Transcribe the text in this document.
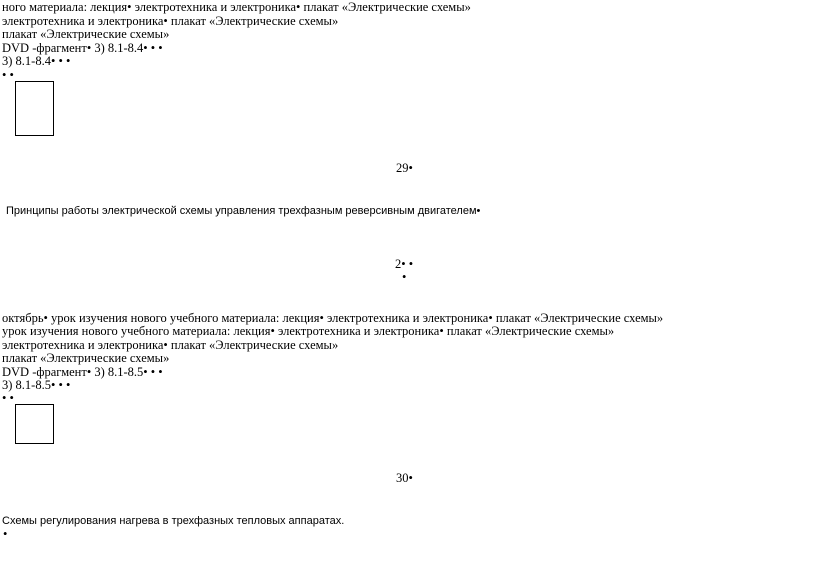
ного материала: лекция• электротехника и электроника• плакат «Электрические схемы»
электротехника и электроника• плакат «Электрические схемы»
плакат «Электрические схемы»
DVD -фрагмент• 3) 8.1-8.4• • •
3) 8.1-8.4• • •
• •
29•
Принципы работы электрической схемы управления трехфазным реверсивным двигателем•
2• •
•
октябрь• урок изучения нового учебного материала: лекция• электротехника и электроника• плакат «Электрические схемы»
урок изучения нового учебного материала: лекция• электротехника и электроника• плакат «Электрические схемы»
электротехника и электроника• плакат «Электрические схемы»
плакат «Электрические схемы»
DVD -фрагмент• 3) 8.1-8.5• • •
3) 8.1-8.5• • •
• •
30•
Схемы регулирования нагрева в трехфазных тепловых аппаратах.
•
